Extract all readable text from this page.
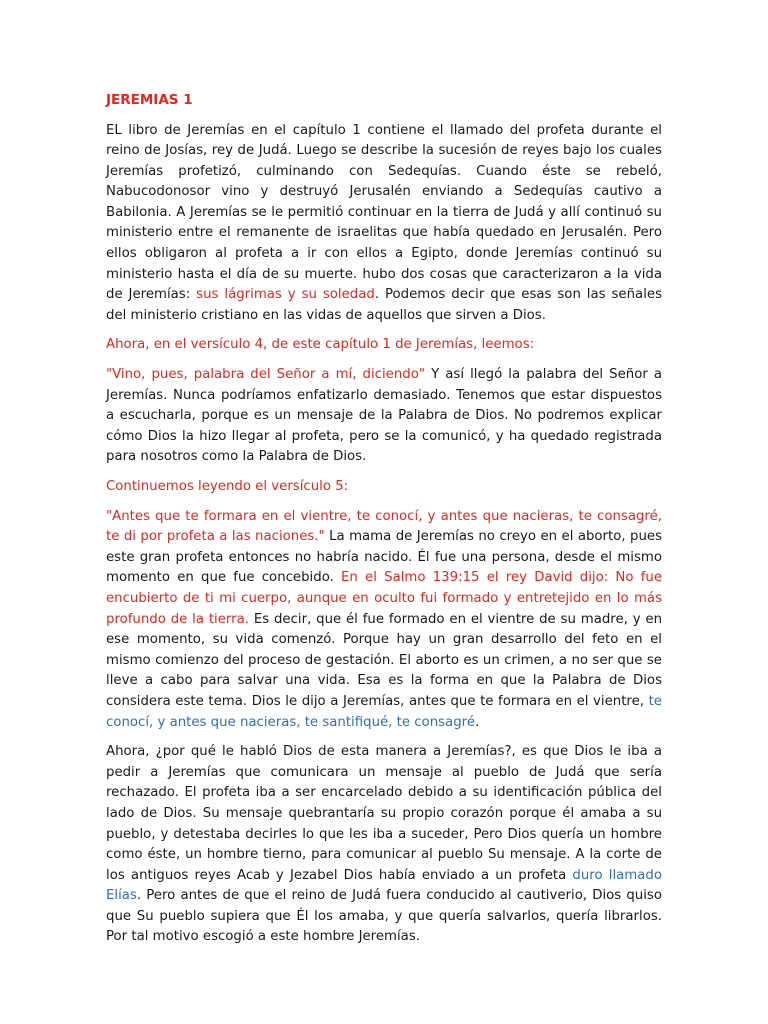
JEREMIAS 1

EL libro de Jeremías en el capítulo 1 contiene el llamado del profeta durante el reino de Josías, rey de Judá. Luego se describe la sucesión de reyes bajo los cuales Jeremías profetizó, culminando con Sedequías. Cuando éste se rebeló, Nabucodonosor vino y destruyó Jerusalén enviando a Sedequías cautivo a Babilonia. A Jeremías se le permitió continuar en la tierra de Judá y allí continuó su ministerio entre el remanente de israelitas que había quedado en Jerusalén. Pero ellos obligaron al profeta a ir con ellos a Egipto, donde Jeremías continuó su ministerio hasta el día de su muerte. hubo dos cosas que caracterizaron a la vida de Jeremías: sus lágrimas y su soledad. Podemos decir que esas son las señales del ministerio cristiano en las vidas de aquellos que sirven a Dios.

Ahora, en el versículo 4, de este capítulo 1 de Jeremías, leemos:

"Vino, pues, palabra del Señor a mí, diciendo" Y así llegó la palabra del Señor a Jeremías. Nunca podríamos enfatizarlo demasiado. Tenemos que estar dispuestos a escucharla, porque es un mensaje de la Palabra de Dios. No podremos explicar cómo Dios la hizo llegar al profeta, pero se la comunicó, y ha quedado registrada para nosotros como la Palabra de Dios.

Continuemos leyendo el versículo 5:

"Antes que te formara en el vientre, te conocí, y antes que nacieras, te consagré, te di por profeta a las naciones." La mama de Jeremías no creyo en el aborto, pues este gran profeta entonces no habría nacido. Él fue una persona, desde el mismo momento en que fue concebido. En el Salmo 139:15 el rey David dijo: No fue encubierto de ti mi cuerpo, aunque en oculto fui formado y entretejido en lo más profundo de la tierra. Es decir, que él fue formado en el vientre de su madre, y en ese momento, su vida comenzó. Porque hay un gran desarrollo del feto en el mismo comienzo del proceso de gestación. El aborto es un crimen, a no ser que se lleve a cabo para salvar una vida. Esa es la forma en que la Palabra de Dios considera este tema. Dios le dijo a Jeremías, antes que te formara en el vientre, te conocí, y antes que nacieras, te santifiqué, te consagré.

Ahora, ¿por qué le habló Dios de esta manera a Jeremías?, es que Dios le iba a pedir a Jeremías que comunicara un mensaje al pueblo de Judá que sería rechazado. El profeta iba a ser encarcelado debido a su identificación pública del lado de Dios. Su mensaje quebrantaría su propio corazón porque él amaba a su pueblo, y detestaba decirles lo que les iba a suceder, Pero Dios quería un hombre como éste, un hombre tierno, para comunicar al pueblo Su mensaje. A la corte de los antiguos reyes Acab y Jezabel Dios había enviado a un profeta duro llamado Elías. Pero antes de que el reino de Judá fuera conducido al cautiverio, Dios quiso que Su pueblo supiera que Él los amaba, y que quería salvarlos, quería librarlos. Por tal motivo escogió a este hombre Jeremías.
